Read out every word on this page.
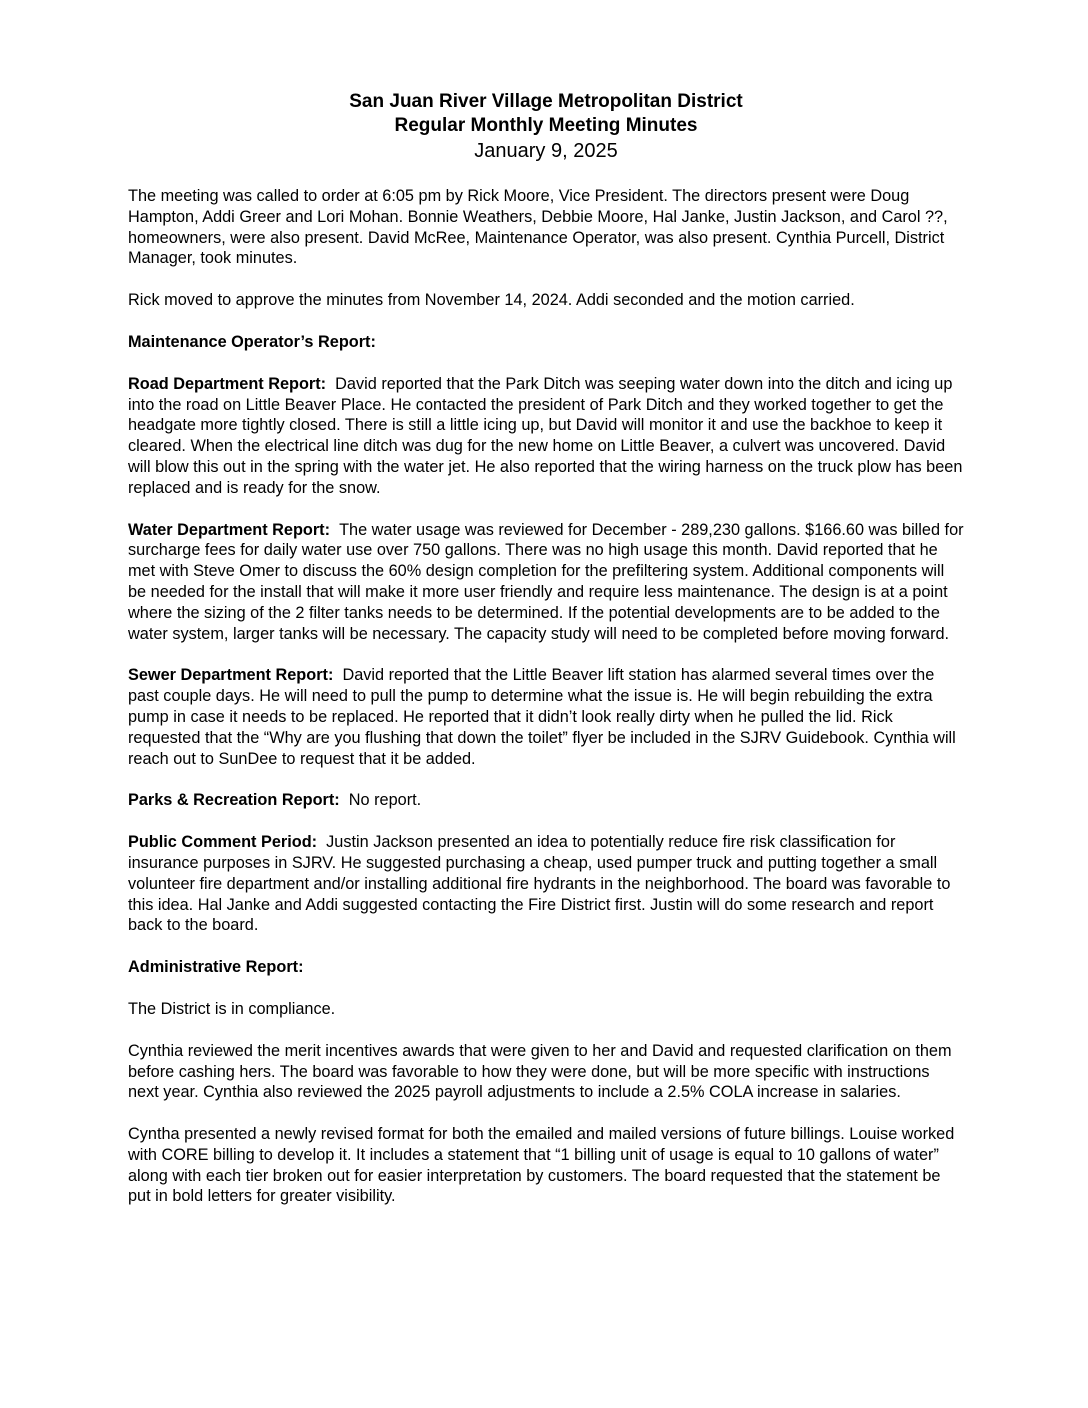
San Juan River Village Metropolitan District
Regular Monthly Meeting Minutes
January 9, 2025

The meeting was called to order at 6:05 pm by Rick Moore, Vice President. The directors present were Doug Hampton, Addi Greer and Lori Mohan. Bonnie Weathers, Debbie Moore, Hal Janke, Justin Jackson, and Carol ??, homeowners, were also present. David McRee, Maintenance Operator, was also present. Cynthia Purcell, District Manager, took minutes.

Rick moved to approve the minutes from November 14, 2024. Addi seconded and the motion carried.

Maintenance Operator’s Report:

Road Department Report: David reported that the Park Ditch was seeping water down into the ditch and icing up into the road on Little Beaver Place. He contacted the president of Park Ditch and they worked together to get the headgate more tightly closed. There is still a little icing up, but David will monitor it and use the backhoe to keep it cleared. When the electrical line ditch was dug for the new home on Little Beaver, a culvert was uncovered. David will blow this out in the spring with the water jet. He also reported that the wiring harness on the truck plow has been replaced and is ready for the snow.

Water Department Report: The water usage was reviewed for December - 289,230 gallons. $166.60 was billed for surcharge fees for daily water use over 750 gallons. There was no high usage this month. David reported that he met with Steve Omer to discuss the 60% design completion for the prefiltering system. Additional components will be needed for the install that will make it more user friendly and require less maintenance. The design is at a point where the sizing of the 2 filter tanks needs to be determined. If the potential developments are to be added to the water system, larger tanks will be necessary. The capacity study will need to be completed before moving forward.

Sewer Department Report: David reported that the Little Beaver lift station has alarmed several times over the past couple days. He will need to pull the pump to determine what the issue is. He will begin rebuilding the extra pump in case it needs to be replaced. He reported that it didn’t look really dirty when he pulled the lid. Rick requested that the “Why are you flushing that down the toilet” flyer be included in the SJRV Guidebook. Cynthia will reach out to SunDee to request that it be added.

Parks & Recreation Report: No report.

Public Comment Period: Justin Jackson presented an idea to potentially reduce fire risk classification for insurance purposes in SJRV. He suggested purchasing a cheap, used pumper truck and putting together a small volunteer fire department and/or installing additional fire hydrants in the neighborhood. The board was favorable to this idea. Hal Janke and Addi suggested contacting the Fire District first. Justin will do some research and report back to the board.

Administrative Report:

The District is in compliance.

Cynthia reviewed the merit incentives awards that were given to her and David and requested clarification on them before cashing hers. The board was favorable to how they were done, but will be more specific with instructions next year. Cynthia also reviewed the 2025 payroll adjustments to include a 2.5% COLA increase in salaries.

Cyntha presented a newly revised format for both the emailed and mailed versions of future billings. Louise worked with CORE billing to develop it. It includes a statement that “1 billing unit of usage is equal to 10 gallons of water” along with each tier broken out for easier interpretation by customers. The board requested that the statement be put in bold letters for greater visibility.
